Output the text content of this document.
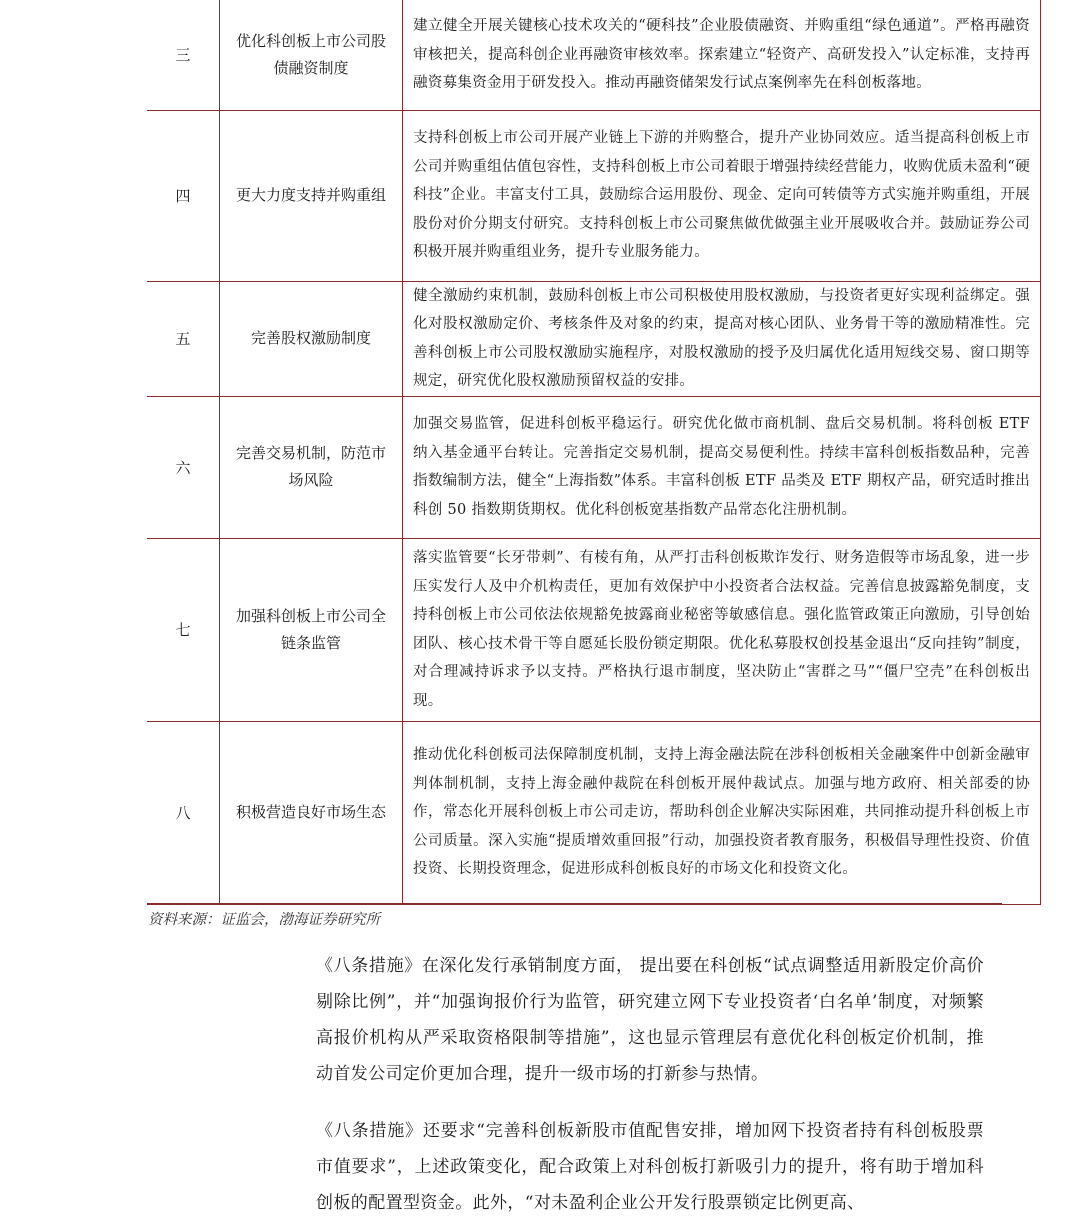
三	优化科创板上市公司股债融资制度	建立健全开展关键核心技术攻关的“硬科技”企业股债融资、并购重组“绿色通道”。严格再融资审核把关，提高科创企业再融资审核效率。探索建立“轻资产、高研发投入”认定标准，支持再融资募集资金用于研发投入。推动再融资储架发行试点案例率先在科创板落地。
四	更大力度支持并购重组	支持科创板上市公司开展产业链上下游的并购整合，提升产业协同效应。适当提高科创板上市公司并购重组估值包容性，支持科创板上市公司着眼于增强持续经营能力，收购优质未盈利“硬科技”企业。丰富支付工具，鼓励综合运用股份、现金、定向可转债等方式实施并购重组，开展股份对价分期支付研究。支持科创板上市公司聚焦做优做强主业开展吸收合并。鼓励证券公司积极开展并购重组业务，提升专业服务能力。
五	完善股权激励制度	健全激励约束机制，鼓励科创板上市公司积极使用股权激励，与投资者更好实现利益绑定。强化对股权激励定价、考核条件及对象的约束，提高对核心团队、业务骨干等的激励精准性。完善科创板上市公司股权激励实施程序，对股权激励的授予及归属优化适用短线交易、窗口期等规定，研究优化股权激励预留权益的安排。
六	完善交易机制，防范市场风险	加强交易监管，促进科创板平稳运行。研究优化做市商机制、盘后交易机制。将科创板 ETF 纳入基金通平台转让。完善指定交易机制，提高交易便利性。持续丰富科创板指数品种，完善指数编制方法，健全“上海指数”体系。丰富科创板 ETF 品类及 ETF 期权产品，研究适时推出科创 50 指数期货期权。优化科创板宽基指数产品常态化注册机制。
七	加强科创板上市公司全链条监管	落实监管要“长牙带刺”、有棱有角，从严打击科创板欺诈发行、财务造假等市场乱象，进一步压实发行人及中介机构责任，更加有效保护中小投资者合法权益。完善信息披露豁免制度，支持科创板上市公司依法依规豁免披露商业秘密等敏感信息。强化监管政策正向激励，引导创始团队、核心技术骨干等自愿延长股份锁定期限。优化私募股权创投基金退出“反向挂钩”制度，对合理减持诉求予以支持。严格执行退市制度，坚决防止“害群之马”“僵尸空壳”在科创板出现。
八	积极营造良好市场生态	推动优化科创板司法保障制度机制，支持上海金融法院在涉科创板相关金融案件中创新金融审判体制机制，支持上海金融仲裁院在科创板开展仲裁试点。加强与地方政府、相关部委的协作，常态化开展科创板上市公司走访，帮助科创企业解决实际困难，共同推动提升科创板上市公司质量。深入实施“提质增效重回报”行动，加强投资者教育服务，积极倡导理性投资、价值投资、长期投资理念，促进形成科创板良好的市场文化和投资文化。
资料来源：证监会，渤海证券研究所
《八条措施》在深化发行承销制度方面， 提出要在科创板“试点调整适用新股定价高价剔除比例”，并“加强询报价行为监管，研究建立网下专业投资者‘白名单’制度，对频繁高报价机构从严采取资格限制等措施”，这也显示管理层有意优化科创板定价机制，推动首发公司定价更加合理，提升一级市场的打新参与热情。
《八条措施》还要求“完善科创板新股市值配售安排，增加网下投资者持有科创板股票市值要求”，上述政策变化，配合政策上对科创板打新吸引力的提升，将有助于增加科创板的配置型资金。此外，“对未盈利企业公开发行股票锁定比例更高、
